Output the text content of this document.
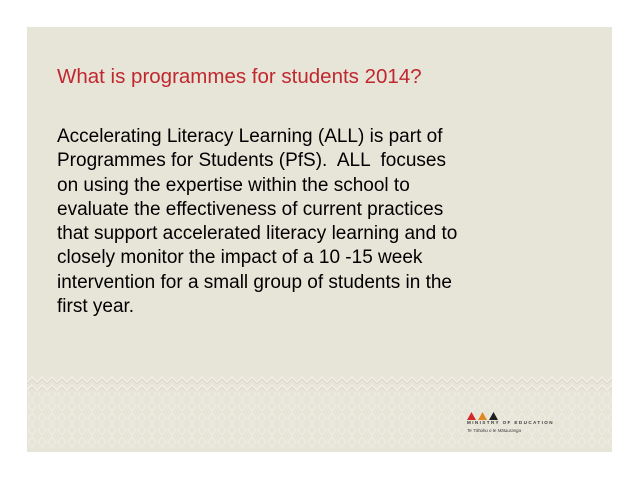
What is programmes for students 2014?
Accelerating Literacy Learning (ALL) is part of
Programmes for Students (PfS).  ALL  focuses
on using the expertise within the school to
evaluate the effectiveness of current practices
that support accelerated literacy learning and to
closely monitor the impact of a 10 -15 week
intervention for a small group of students in the
first year.
MINISTRY OF EDUCATION
Te Tāhuhu o te Mātauranga
